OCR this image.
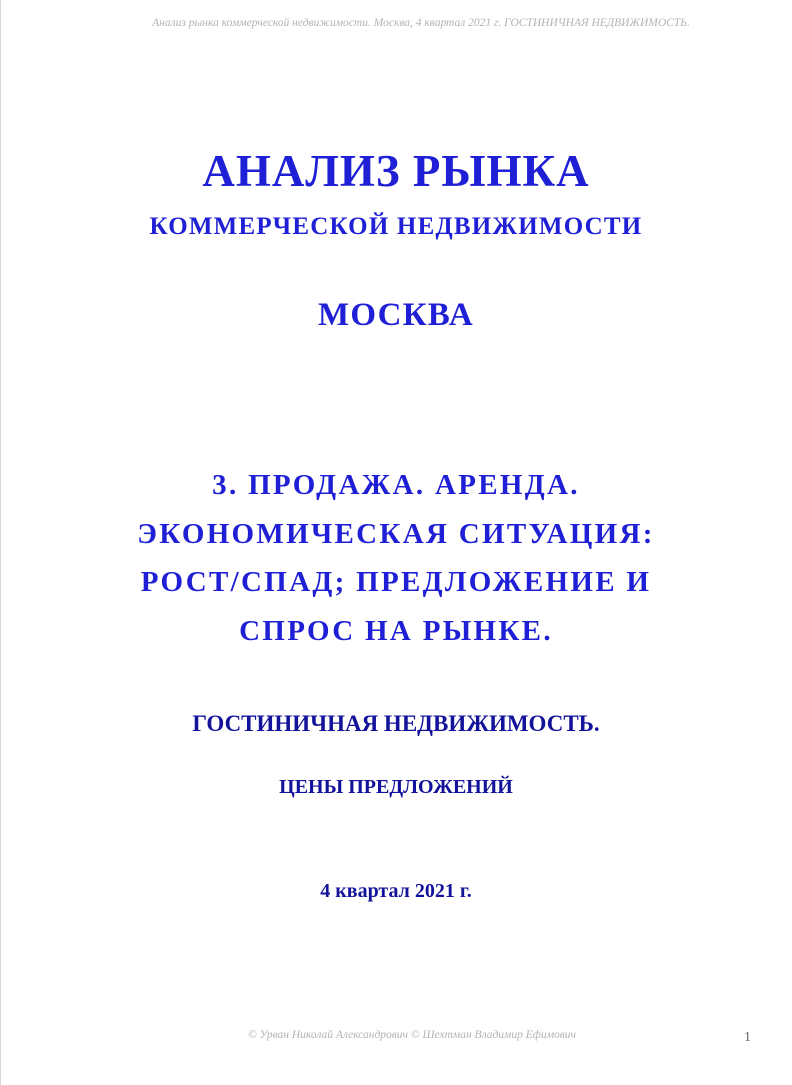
Анализ рынка коммерческой недвижимости. Москва, 4 квартал 2021 г. ГОСТИНИЧНАЯ НЕДВИЖИМОСТЬ.
АНАЛИЗ РЫНКА
КОММЕРЧЕСКОЙ НЕДВИЖИМОСТИ
МОСКВА
3. ПРОДАЖА. АРЕНДА.
ЭКОНОМИЧЕСКАЯ СИТУАЦИЯ:
РОСТ/СПАД; ПРЕДЛОЖЕНИЕ И
СПРОС НА РЫНКЕ.
ГОСТИНИЧНАЯ НЕДВИЖИМОСТЬ.
ЦЕНЫ ПРЕДЛОЖЕНИЙ
4 квартал 2021 г.
© Урван Николай Александрович © Шехтман Владимир Ефимович	1
